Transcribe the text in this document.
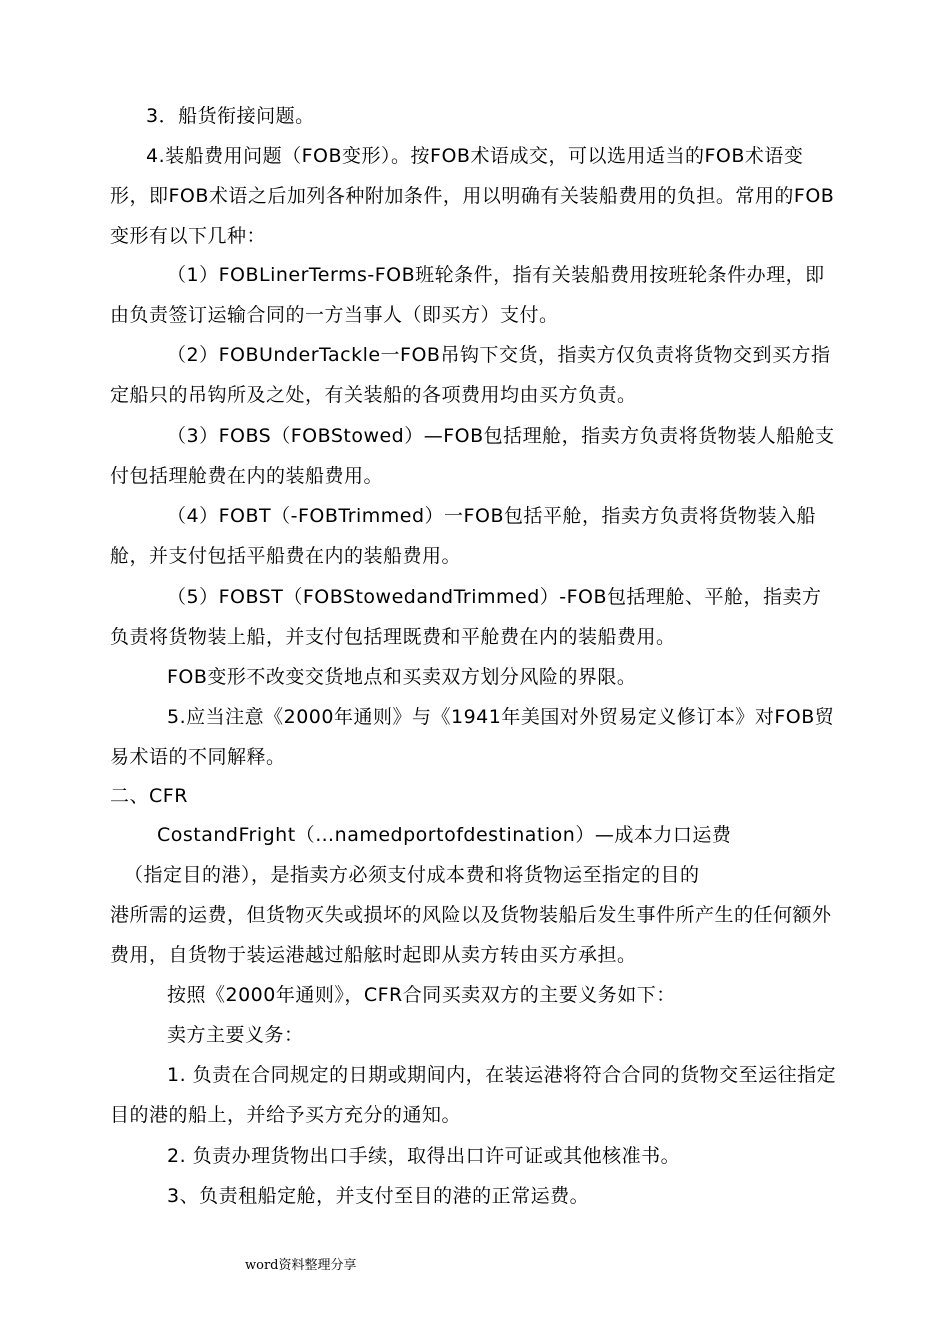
3．船货衔接问题。
4.装船费用问题（FOB变形）。按FOB术语成交，可以选用适当的FOB术语变形，即FOB术语之后加列各种附加条件，用以明确有关装船费用的负担。常用的FOB变形有以下几种：
（1）FOBLinerTerms-FOB班轮条件，指有关装船费用按班轮条件办理，即由负责签订运输合同的一方当事人（即买方）支付。
（2）FOBUnderTackle一FOB吊钩下交货，指卖方仅负责将货物交到买方指定船只的吊钩所及之处，有关装船的各项费用均由买方负责。
（3）FOBS（FOBStowed）—FOB包括理舱，指卖方负责将货物装人船舱支付包括理舱费在内的装船费用。
（4）FOBT（-FOBTrimmed）一FOB包括平舱，指卖方负责将货物装入船舱，并支付包括平船费在内的装船费用。
（5）FOBST（FOBStowedandTrimmed）-FOB包括理舱、平舱，指卖方负责将货物装上船，并支付包括理既费和平舱费在内的装船费用。
FOB变形不改变交货地点和买卖双方划分风险的界限。
5.应当注意《2000年通则》与《1941年美国对外贸易定义修订本》对FOB贸易术语的不同解释。
二、CFR
CostandFright（…namedportofdestination）—成本力口运费
（指定目的港），是指卖方必须支付成本费和将货物运至指定的目的
港所需的运费，但货物灭失或损坏的风险以及货物装船后发生事件所产生的任何额外费用，自货物于装运港越过船舷时起即从卖方转由买方承担。
按照《2000年通则》，CFR合同买卖双方的主要义务如下：
卖方主要义务：
1. 负责在合同规定的日期或期间内，在装运港将符合合同的货物交至运往指定目的港的船上，并给予买方充分的通知。
2. 负责办理货物出口手续，取得出口许可证或其他核准书。
3、负责租船定舱，并支付至目的港的正常运费。
word资料整理分享
